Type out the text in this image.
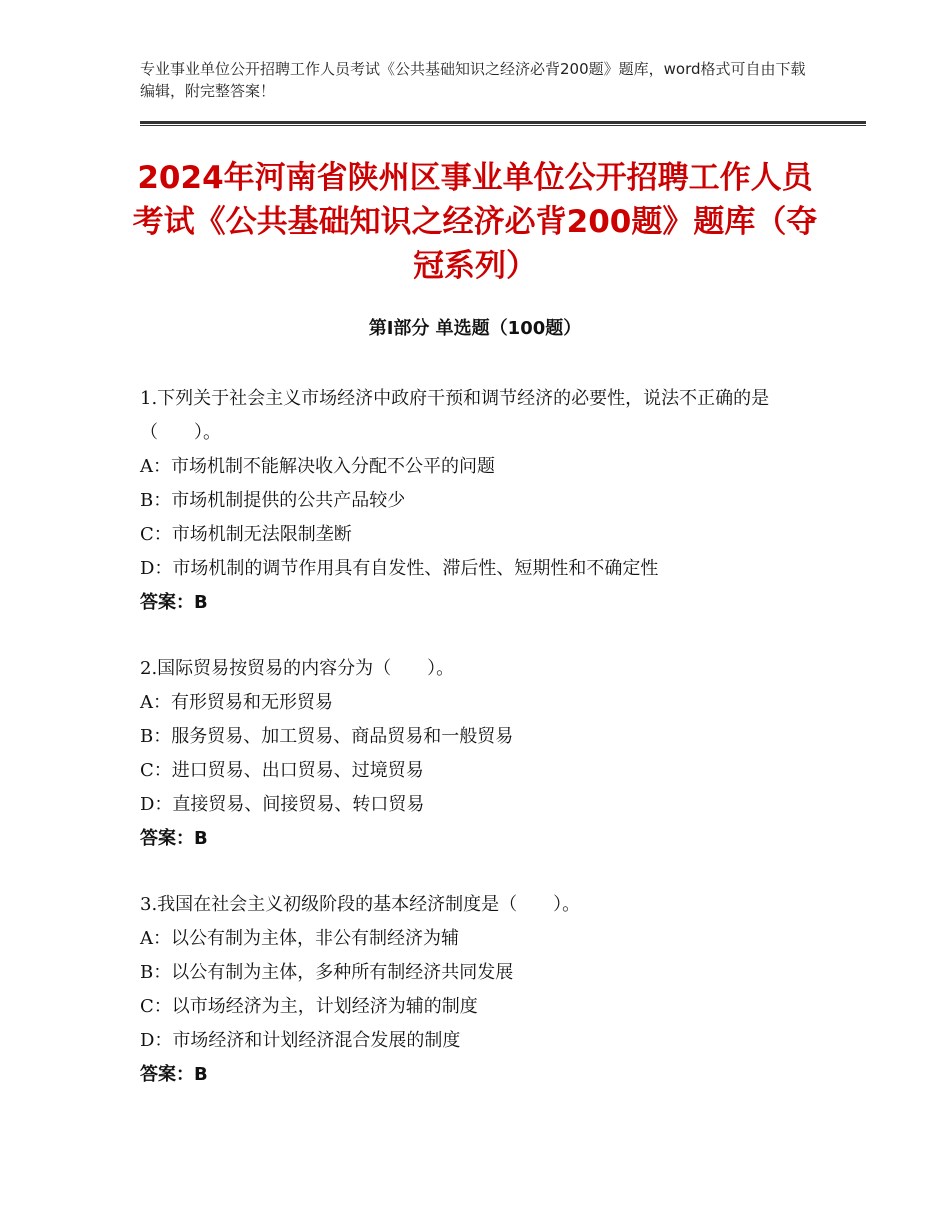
专业事业单位公开招聘工作人员考试《公共基础知识之经济必背200题》题库，word格式可自由下载编辑，附完整答案！
2024年河南省陕州区事业单位公开招聘工作人员考试《公共基础知识之经济必背200题》题库（夺冠系列）
第Ⅰ部分 单选题（100题）

1.下列关于社会主义市场经济中政府干预和调节经济的必要性，说法不正确的是（　　）。

A：市场机制不能解决收入分配不公平的问题

B：市场机制提供的公共产品较少

C：市场机制无法限制垄断

D：市场机制的调节作用具有自发性、滞后性、短期性和不确定性

答案：B

2.国际贸易按贸易的内容分为（　　）。

A：有形贸易和无形贸易

B：服务贸易、加工贸易、商品贸易和一般贸易

C：进口贸易、出口贸易、过境贸易

D：直接贸易、间接贸易、转口贸易

答案：B

3.我国在社会主义初级阶段的基本经济制度是（　　）。

A：以公有制为主体，非公有制经济为辅

B：以公有制为主体，多种所有制经济共同发展

C：以市场经济为主，计划经济为辅的制度

D：市场经济和计划经济混合发展的制度

答案：B
